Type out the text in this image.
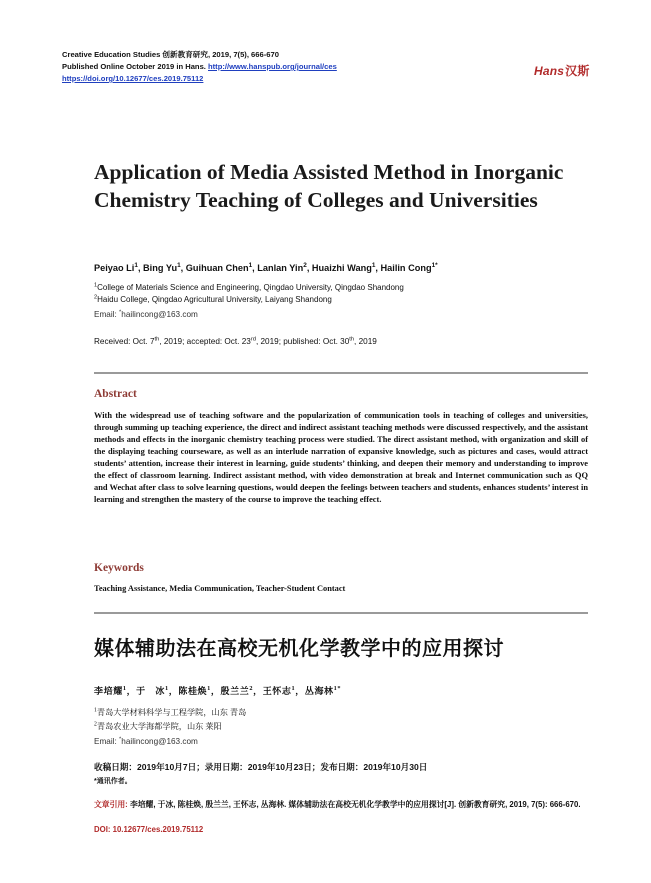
Creative Education Studies 创新教育研究, 2019, 7(5), 666-670
Published Online October 2019 in Hans. http://www.hanspub.org/journal/ces
https://doi.org/10.12677/ces.2019.75112
Hans汉斯
Application of Media Assisted Method in Inorganic Chemistry Teaching of Colleges and Universities
Peiyao Li$^1$, Bing Yu$^1$, Guihuan Chen$^1$, Lanlan Yin$^2$, Huaizhi Wang$^1$, Hailin Cong$^{1*}$
$^1$College of Materials Science and Engineering, Qingdao University, Qingdao Shandong
$^2$Haidu College, Qingdao Agricultural University, Laiyang Shandong
Email: *hailincong@163.com
Received: Oct. 7th, 2019; accepted: Oct. 23rd, 2019; published: Oct. 30th, 2019
Abstract
With the widespread use of teaching software and the popularization of communication tools in teaching of colleges and universities, through summing up teaching experience, the direct and indirect assistant teaching methods were discussed respectively, and the assistant methods and effects in the inorganic chemistry teaching process were studied. The direct assistant method, with organization and skill of the displaying teaching courseware, as well as an interlude narration of expansive knowledge, such as pictures and cases, would attract students’ attention, increase their interest in learning, guide students’ thinking, and deepen their memory and understanding to improve the effect of classroom learning. Indirect assistant method, with video demonstration at break and Internet communication such as QQ and Wechat after class to solve learning questions, would deepen the feelings between teachers and students, enhances students’ interest in learning and strengthen the mastery of the course to improve the teaching effect.
Keywords
Teaching Assistance, Media Communication, Teacher-Student Contact
媒体辅助法在高校无机化学教学中的应用探讨
李培耀$^1$，于　冰$^1$，陈桂焕$^1$，殷兰兰$^2$，王怀志$^1$，丛海林$^{1*}$
$^1$青岛大学材料科学与工程学院，山东 青岛
$^2$青岛农业大学海都学院，山东 莱阳
Email: *hailincong@163.com
收稿日期：2019年10月7日；录用日期：2019年10月23日；发布日期：2019年10月30日
*通讯作者。
文章引用: 李培耀, 于冰, 陈桂焕, 殷兰兰, 王怀志, 丛海林. 媒体辅助法在高校无机化学教学中的应用探讨[J]. 创新教育研究, 2019, 7(5): 666-670.
DOI: 10.12677/ces.2019.75112
